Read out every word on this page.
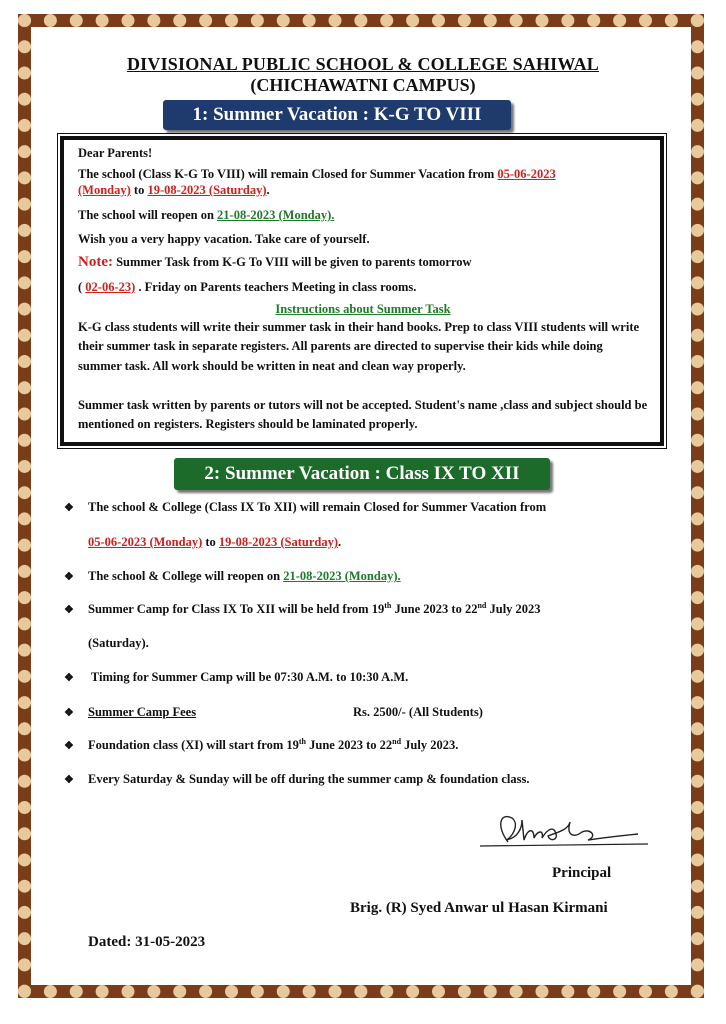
DIVISIONAL PUBLIC SCHOOL & COLLEGE SAHIWAL
(CHICHAWATNI CAMPUS)
1: Summer Vacation : K-G TO VIII
Dear Parents!
The school (Class K-G To VIII) will remain Closed for Summer Vacation from 05-06-2023
(Monday) to 19-08-2023 (Saturday).
The school will reopen on 21-08-2023 (Monday).
Wish you a very happy vacation. Take care of yourself.
Note: Summer Task from K-G To VIII will be given to parents tomorrow
( 02-06-23) . Friday on Parents teachers Meeting in class rooms.
Instructions about Summer Task
K-G class students will write their summer task in their hand books. Prep to class VIII students will write their summer task in separate registers. All parents are directed to supervise their kids while doing summer task. All work should be written in neat and clean way properly.
Summer task written by parents or tutors will not be accepted. Student's name ,class and subject should be mentioned on registers. Registers should be laminated properly.
2: Summer Vacation : Class IX TO XII
❖ The school & College (Class IX To XII) will remain Closed for Summer Vacation from
05-06-2023 (Monday) to 19-08-2023 (Saturday).
❖ The school & College will reopen on 21-08-2023 (Monday).
❖ Summer Camp for Class IX To XII will be held from 19th June 2023 to 22nd July 2023
(Saturday).
❖ Timing for Summer Camp will be 07:30 A.M. to 10:30 A.M.
❖ Summer Camp Fees	Rs. 2500/- (All Students)
❖ Foundation class (XI) will start from 19th June 2023 to 22nd July 2023.
❖ Every Saturday & Sunday will be off during the summer camp & foundation class.
Principal
Brig. (R) Syed Anwar ul Hasan Kirmani
Dated: 31-05-2023
